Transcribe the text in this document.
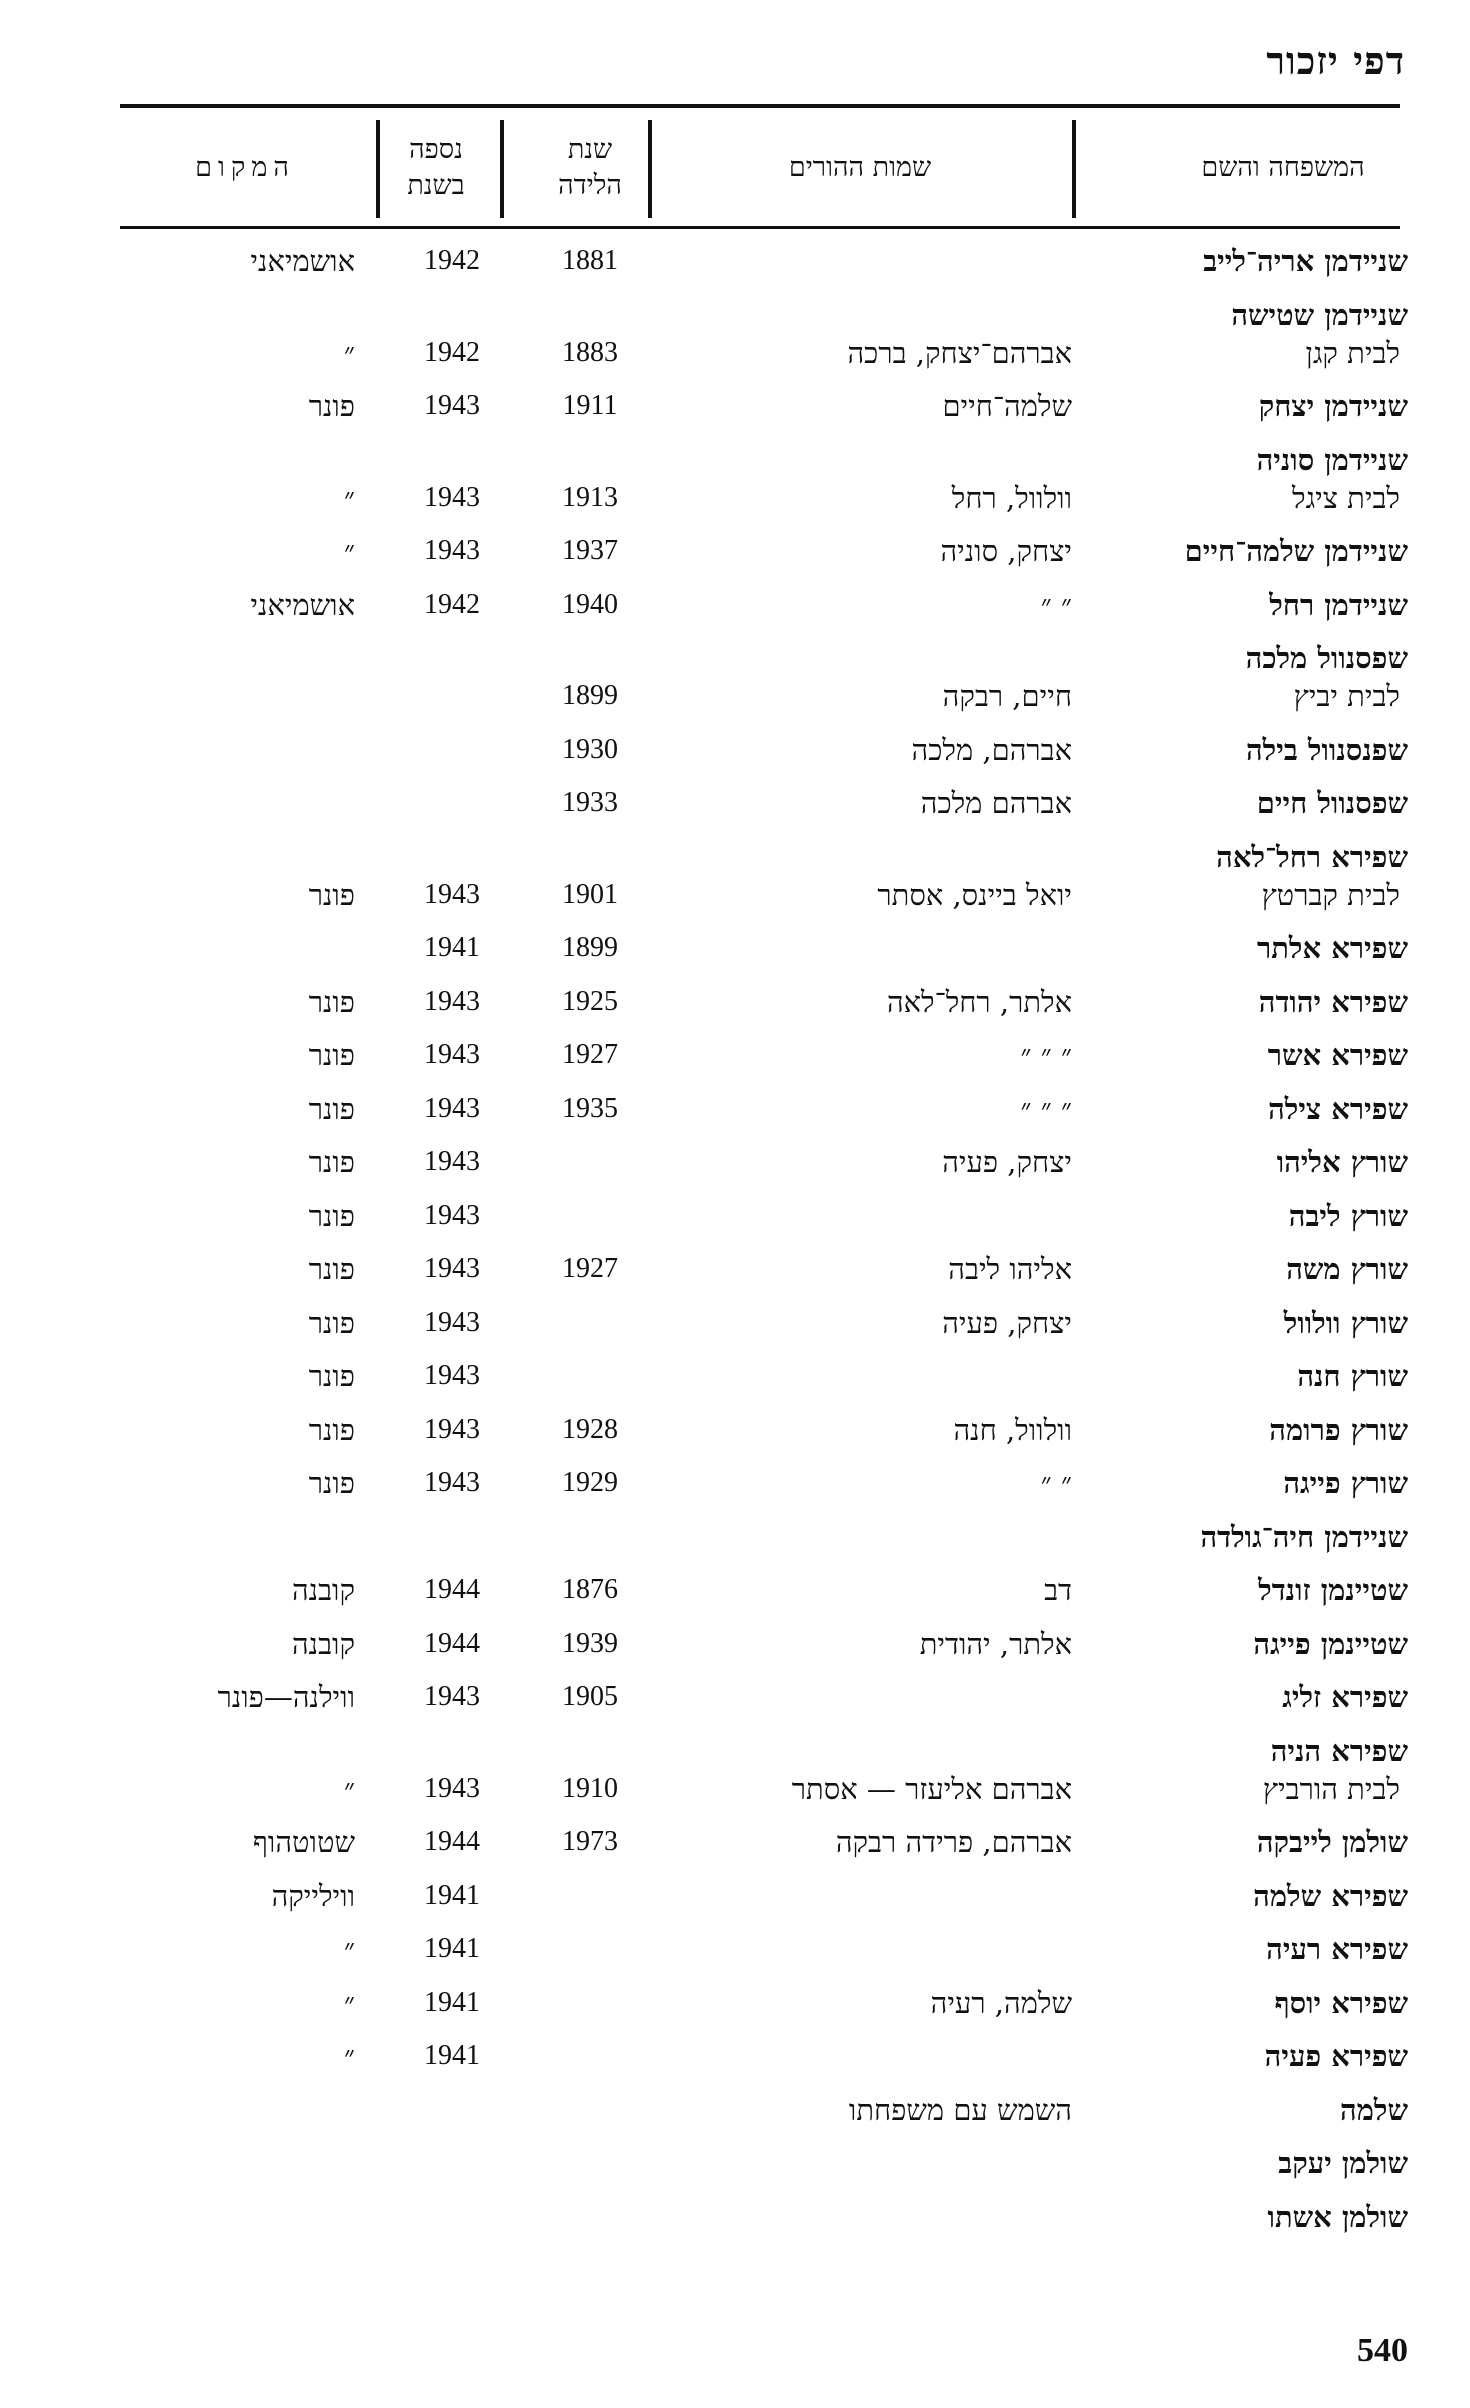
דפי יזכור
המשפחה והשם
שמות ההורים
שנת
הלידה
נספה
בשנת
המקום
שניידמן אריה־לייב
1881
1942
אושמיאני
שניידמן שטישה
לבית קגן
אברהם־יצחק, ברכה
1883
1942
״
שניידמן יצחק
שלמה־חיים
1911
1943
פונר
שניידמן סוניה
לבית ציגל
וולוול, רחל
1913
1943
״
שניידמן שלמה־חיים
יצחק, סוניה
1937
1943
״
שניידמן רחל
״ ״
1940
1942
אושמיאני
שפסנוול מלכה
לבית יביץ
חיים, רבקה
1899
שפנסנוול בילה
אברהם, מלכה
1930
שפסנוול חיים
אברהם מלכה
1933
שפירא רחל־לאה
לבית קברטץ
יואל ביינס, אסתר
1901
1943
פונר
שפירא אלתר
1899
1941
שפירא יהודה
אלתר, רחל־לאה
1925
1943
פונר
שפירא אשר
״ ״ ״
1927
1943
פונר
שפירא צילה
״ ״ ״
1935
1943
פונר
שורץ אליהו
יצחק, פעיה
1943
פונר
שורץ ליבה
1943
פונר
שורץ משה
אליהו ליבה
1927
1943
פונר
שורץ וולוול
יצחק, פעיה
1943
פונר
שורץ חנה
1943
פונר
שורץ פרומה
וולוול, חנה
1928
1943
פונר
שורץ פייגה
״ ״
1929
1943
פונר
שניידמן חיה־גולדה
שטיינמן זונדל
דב
1876
1944
קובנה
שטיינמן פייגה
אלתר, יהודית
1939
1944
קובנה
שפירא זליג
1905
1943
ווילנה—פונר
שפירא הניה
לבית הורביץ
אברהם אליעזר — אסתר
1910
1943
״
שולמן לייבקה
אברהם, פרידה רבקה
1973
1944
שטוטהוף
שפירא שלמה
1941
ווילייקה
שפירא רעיה
1941
״
שפירא יוסף
שלמה, רעיה
1941
״
שפירא פעיה
1941
״
שלמה
השמש עם משפחתו
שולמן יעקב
שולמן אשתו
540
